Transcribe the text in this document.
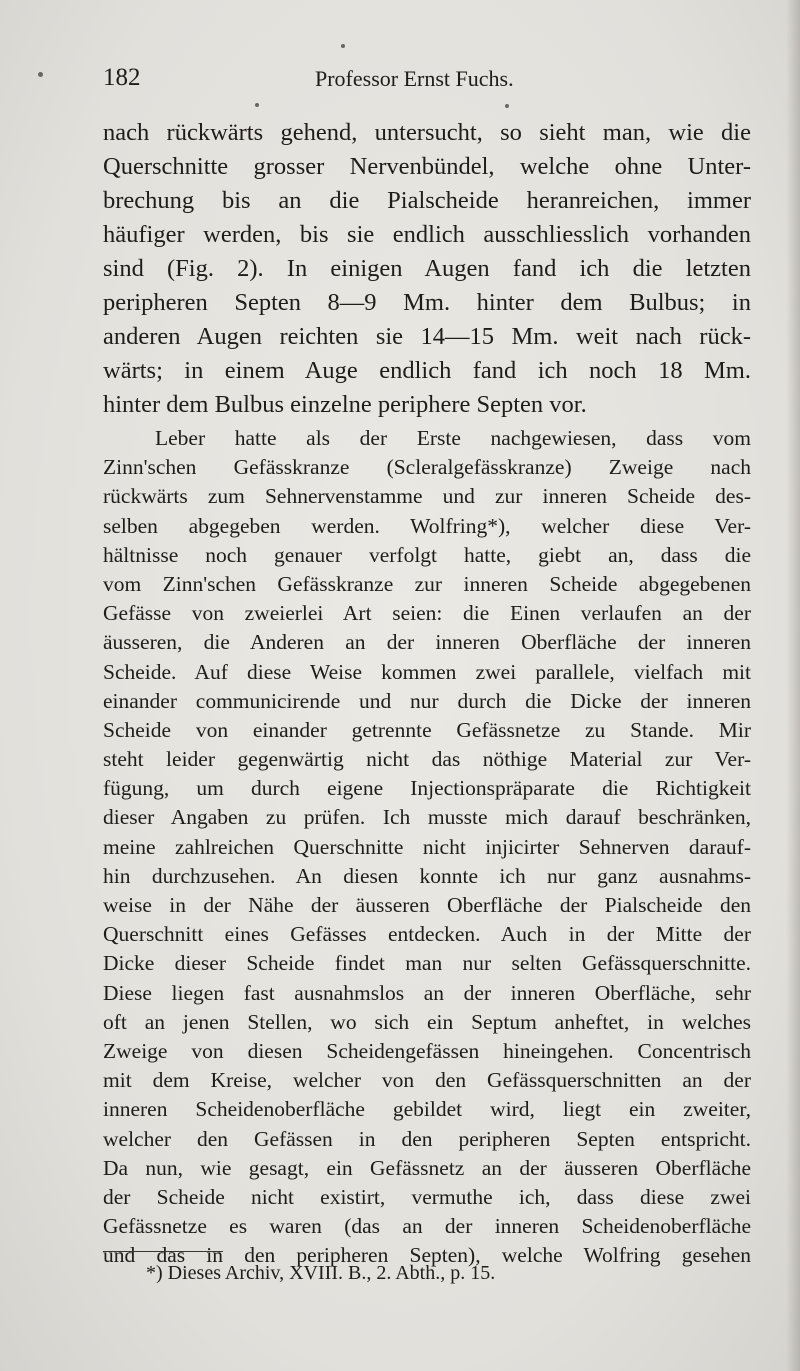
182	Professor Ernst Fuchs.
nach rückwärts gehend, untersucht, so sieht man, wie die
Querschnitte grosser Nervenbündel, welche ohne Unter-
brechung bis an die Pialscheide heranreichen, immer
häufiger werden, bis sie endlich ausschliesslich vorhanden
sind (Fig. 2). In einigen Augen fand ich die letzten
peripheren Septen 8—9 Mm. hinter dem Bulbus; in
anderen Augen reichten sie 14—15 Mm. weit nach rück-
wärts; in einem Auge endlich fand ich noch 18 Mm.
hinter dem Bulbus einzelne periphere Septen vor.
Leber hatte als der Erste nachgewiesen, dass vom
Zinn'schen Gefässkranze (Scleralgefässkranze) Zweige nach
rückwärts zum Sehnervenstamme und zur inneren Scheide des-
selben abgegeben werden. Wolfring*), welcher diese Ver-
hältnisse noch genauer verfolgt hatte, giebt an, dass die
vom Zinn'schen Gefässkranze zur inneren Scheide abgegebenen
Gefässe von zweierlei Art seien: die Einen verlaufen an der
äusseren, die Anderen an der inneren Oberfläche der inneren
Scheide. Auf diese Weise kommen zwei parallele, vielfach mit
einander communicirende und nur durch die Dicke der inneren
Scheide von einander getrennte Gefässnetze zu Stande. Mir
steht leider gegenwärtig nicht das nöthige Material zur Ver-
fügung, um durch eigene Injectionspräparate die Richtigkeit
dieser Angaben zu prüfen. Ich musste mich darauf beschränken,
meine zahlreichen Querschnitte nicht injicirter Sehnerven darauf-
hin durchzusehen. An diesen konnte ich nur ganz ausnahms-
weise in der Nähe der äusseren Oberfläche der Pialscheide den
Querschnitt eines Gefässes entdecken. Auch in der Mitte der
Dicke dieser Scheide findet man nur selten Gefässquerschnitte.
Diese liegen fast ausnahmslos an der inneren Oberfläche, sehr
oft an jenen Stellen, wo sich ein Septum anheftet, in welches
Zweige von diesen Scheidengefässen hineingehen. Concentrisch
mit dem Kreise, welcher von den Gefässquerschnitten an der
inneren Scheidenoberfläche gebildet wird, liegt ein zweiter,
welcher den Gefässen in den peripheren Septen entspricht.
Da nun, wie gesagt, ein Gefässnetz an der äusseren Oberfläche
der Scheide nicht existirt, vermuthe ich, dass diese zwei
Gefässnetze es waren (das an der inneren Scheidenoberfläche
und das in den peripheren Septen), welche Wolfring gesehen
*) Dieses Archiv, XVIII. B., 2. Abth., p. 15.
